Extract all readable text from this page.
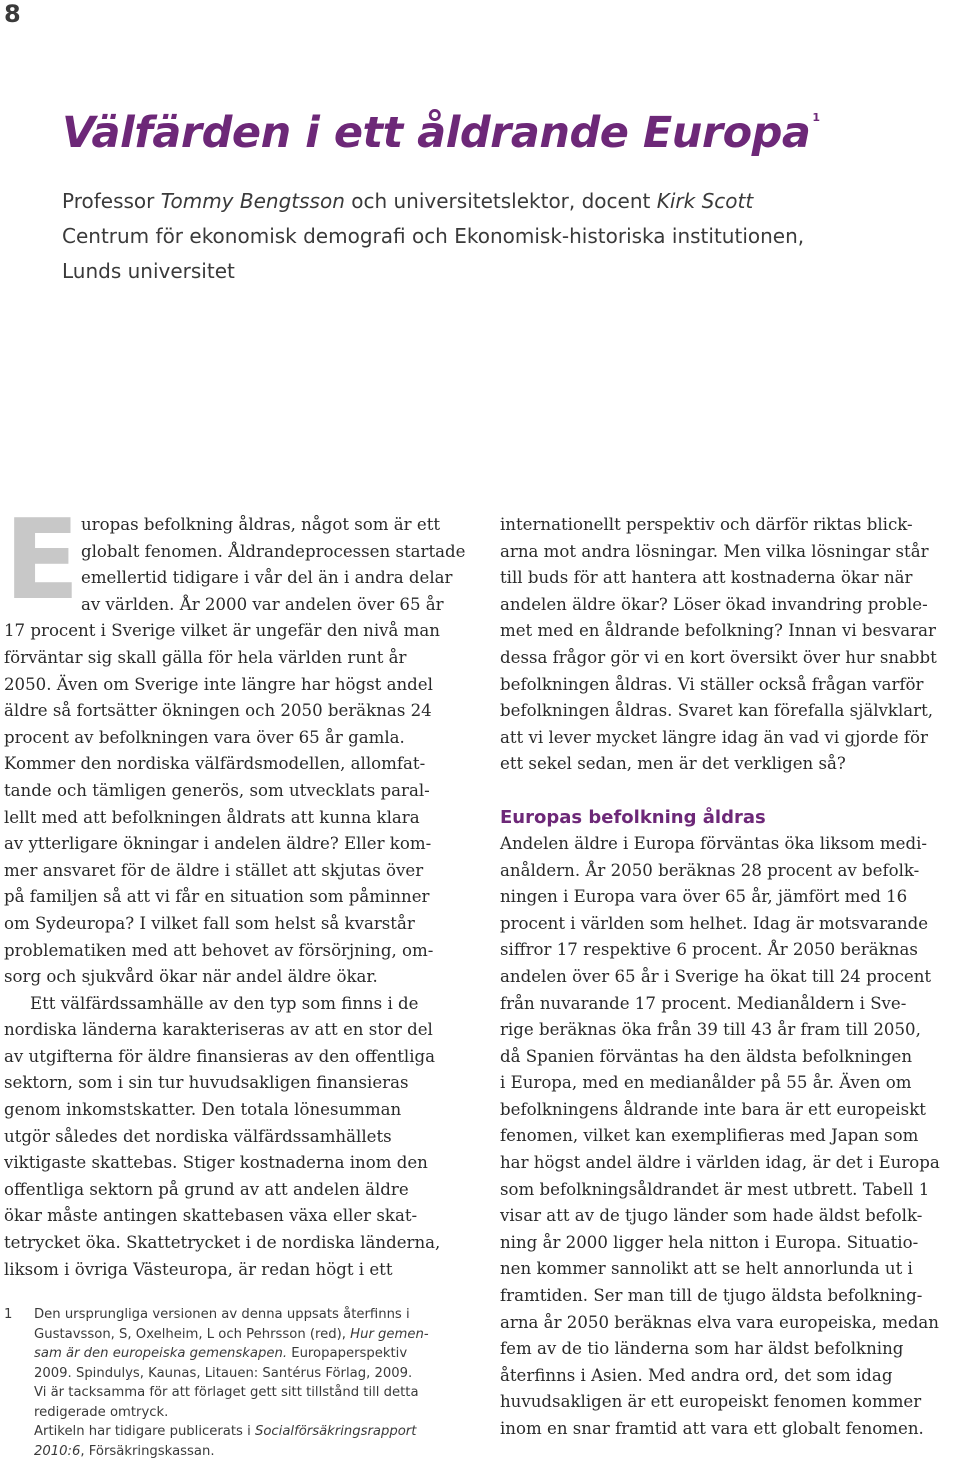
8
Välfärden i ett åldrande Europa $^1$
Professor Tommy Bengtsson och universitetslektor, docent Kirk Scott
Centrum för ekonomisk demografi och Ekonomisk-historiska institutionen,
Lunds universitet
E uropas befolkning åldras, något som är ett
globalt fenomen. Åldrandeprocessen startade
emellertid tidigare i vår del än i andra delar
av världen. År 2000 var andelen över 65 år
17 procent i Sverige vilket är ungefär den nivå man
förväntar sig skall gälla för hela världen runt år
2050. Även om Sverige inte längre har högst andel
äldre så fortsätter ökningen och 2050 beräknas 24
procent av befolkningen vara över 65 år gamla.
Kommer den nordiska välfärdsmodellen, allomfat-
tande och tämligen generös, som utvecklats paral-
lellt med att befolkningen åldrats att kunna klara
av ytterligare ökningar i andelen äldre? Eller kom-
mer ansvaret för de äldre i stället att skjutas över
på familjen så att vi får en situation som påminner
om Sydeuropa? I vilket fall som helst så kvarstår
problematiken med att behovet av försörjning, om-
sorg och sjukvård ökar när andel äldre ökar.

Ett välfärdssamhälle av den typ som finns i de
nordiska länderna karakteriseras av att en stor del
av utgifterna för äldre finansieras av den offentliga
sektorn, som i sin tur huvudsakligen finansieras
genom inkomstskatter. Den totala lönesumman
utgör således det nordiska välfärdssamhällets
viktigaste skattebas. Stiger kostnaderna inom den
offentliga sektorn på grund av att andelen äldre
ökar måste antingen skattebasen växa eller skat-
tetrycket öka. Skattetrycket i de nordiska länderna,
liksom i övriga Västeuropa, är redan högt i ett

internationellt perspektiv och därför riktas blick-
arna mot andra lösningar. Men vilka lösningar står
till buds för att hantera att kostnaderna ökar när
andelen äldre ökar? Löser ökad invandring proble-
met med en åldrande befolkning? Innan vi besvarar
dessa frågor gör vi en kort översikt över hur snabbt
befolkningen åldras. Vi ställer också frågan varför
befolkningen åldras. Svaret kan förefalla självklart,
att vi lever mycket längre idag än vad vi gjorde för
ett sekel sedan, men är det verkligen så?

Europas befolkning åldras

Andelen äldre i Europa förväntas öka liksom medi-
anåldern. År 2050 beräknas 28 procent av befolk-
ningen i Europa vara över 65 år, jämfört med 16
procent i världen som helhet. Idag är motsvarande
siffror 17 respektive 6 procent. År 2050 beräknas
andelen över 65 år i Sverige ha ökat till 24 procent
från nuvarande 17 procent. Medianåldern i Sve-
rige beräknas öka från 39 till 43 år fram till 2050,
då Spanien förväntas ha den äldsta befolkningen
i Europa, med en medianålder på 55 år. Även om
befolkningens åldrande inte bara är ett europeiskt
fenomen, vilket kan exemplifieras med Japan som
har högst andel äldre i världen idag, är det i Europa
som befolkningsåldrandet är mest utbrett. Tabell 1
visar att av de tjugo länder som hade äldst befolk-
ning år 2000 ligger hela nitton i Europa. Situatio-
nen kommer sannolikt att se helt annorlunda ut i
framtiden. Ser man till de tjugo äldsta befolkning-
arna år 2050 beräknas elva vara europeiska, medan
fem av de tio länderna som har äldst befolkning
återfinns i Asien. Med andra ord, det som idag
huvudsakligen är ett europeiskt fenomen kommer
inom en snar framtid att vara ett globalt fenomen.

1 Den ursprungliga versionen av denna uppsats återfinns i
Gustavsson, S, Oxelheim, L och Pehrsson (red), Hur gemen-
sam är den europeiska gemenskapen. Europaperspektiv
2009. Spindulys, Kaunas, Litauen: Santérus Förlag, 2009.
Vi är tacksamma för att förlaget gett sitt tillstånd till detta
redigerade omtryck.
Artikeln har tidigare publicerats i Socialförsäkringsrapport
2010:6, Försäkringskassan.
